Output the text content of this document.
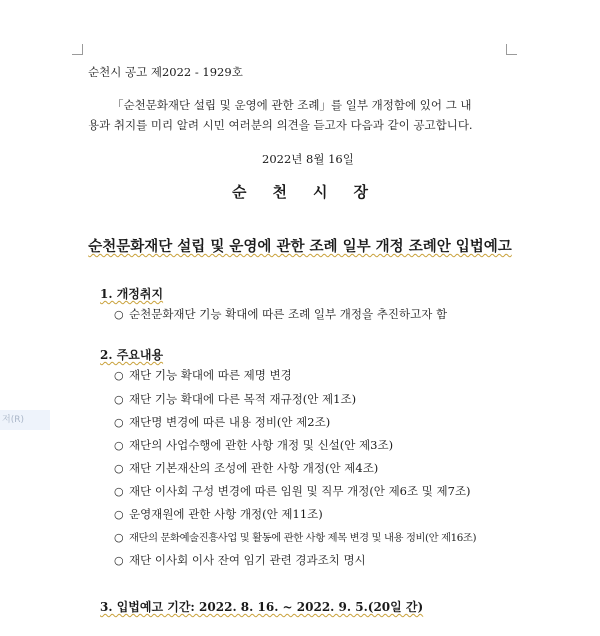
저(R)
순천시 공고 제2022 - 1929호
「순천문화재단 설립 및 운영에 관한 조례」를 일부 개정함에 있어 그 내
용과 취지를 미리 알려 시민 여러분의 의견을 듣고자 다음과 같이 공고합니다.
2022년 8월 16일
순천시장
순천문화재단 설립 및 운영에 관한 조례 일부 개정 조례안 입법예고
1. 개정취지
○ 순천문화재단 기능 확대에 따른 조례 일부 개정을 추진하고자 함
2. 주요내용
○ 재단 기능 확대에 따른 제명 변경
○ 재단 기능 확대에 다른 목적 재규정(안 제1조)
○ 재단명 변경에 따른 내용 정비(안 제2조)
○ 재단의 사업수행에 관한 사항 개정 및 신설(안 제3조)
○ 재단 기본재산의 조성에 관한 사항 개정(안 제4조)
○ 재단 이사회 구성 변경에 따른 임원 및 직무 개정(안 제6조 및 제7조)
○ 운영재원에 관한 사항 개정(안 제11조)
○ 재단의 문화예술진흥사업 및 활동에 관한 사항 제목 변경 및 내용 정비(안 제16조)
○ 재단 이사회 이사 잔여 임기 관련 경과조치 명시
3. 입법예고 기간: 2022. 8. 16. ~ 2022. 9. 5.(20일 간)
